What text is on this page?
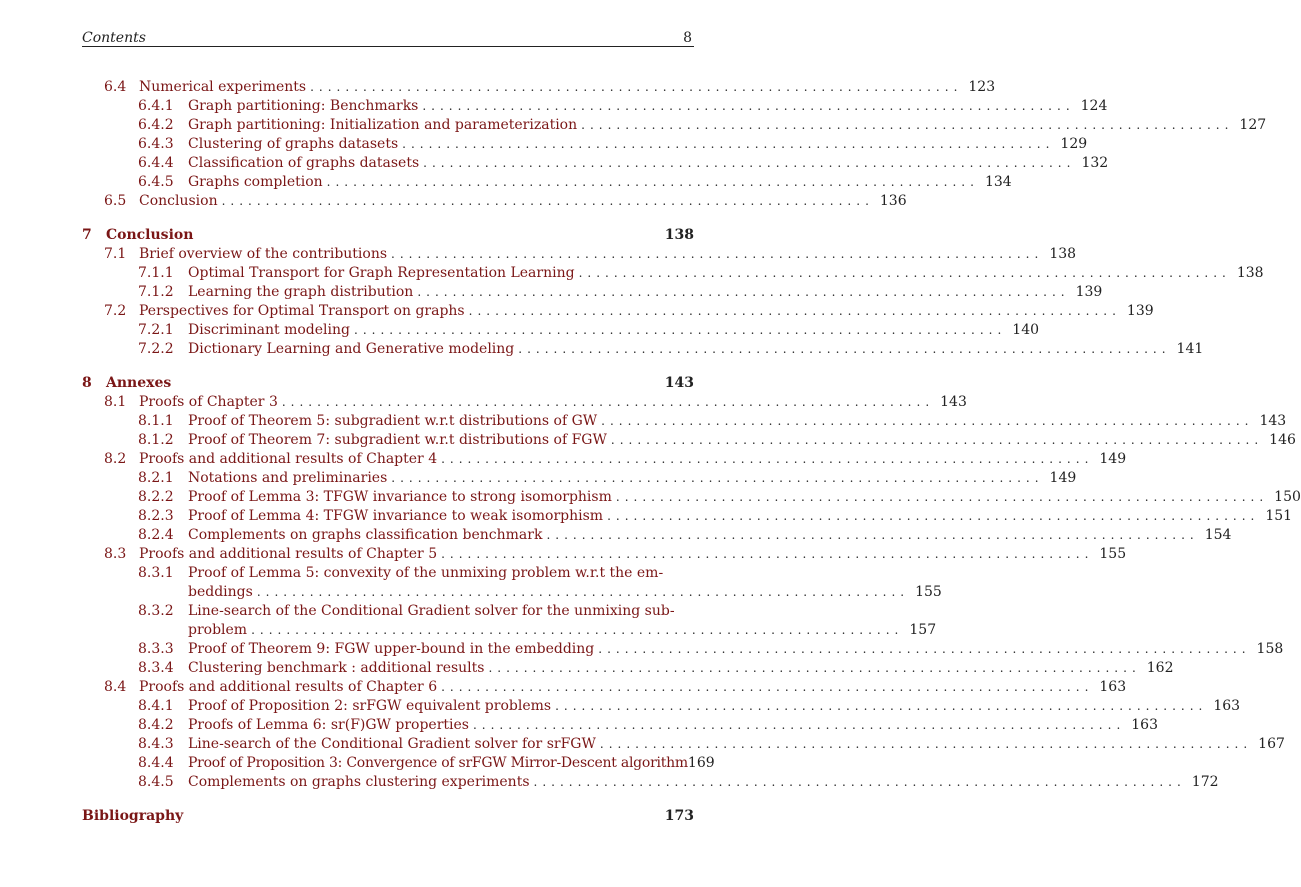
Contents	8
6.4 Numerical experiments .......................................................................... 123
6.4.1	Graph partitioning: Benchmarks .......................................................................... 124
6.4.2	Graph partitioning: Initialization and parameterization .......................................................................... 127
6.4.3	Clustering of graphs datasets .......................................................................... 129
6.4.4	Classification of graphs datasets .......................................................................... 132
6.4.5	Graphs completion .......................................................................... 134
6.5 Conclusion .......................................................................... 136
7	Conclusion	138
7.1 Brief overview of the contributions .......................................................................... 138
7.1.1	Optimal Transport for Graph Representation Learning .......................................................................... 138
7.1.2	Learning the graph distribution .......................................................................... 139
7.2 Perspectives for Optimal Transport on graphs .......................................................................... 139
7.2.1	Discriminant modeling .......................................................................... 140
7.2.2	Dictionary Learning and Generative modeling .......................................................................... 141
8	Annexes	143
8.1 Proofs of Chapter 3 .......................................................................... 143
8.1.1	Proof of Theorem 5: subgradient w.r.t distributions of GW .......................................................................... 143
8.1.2	Proof of Theorem 7: subgradient w.r.t distributions of FGW .......................................................................... 146
8.2 Proofs and additional results of Chapter 4 .......................................................................... 149
8.2.1	Notations and preliminaries .......................................................................... 149
8.2.2	Proof of Lemma 3: TFGW invariance to strong isomorphism .......................................................................... 150
8.2.3	Proof of Lemma 4: TFGW invariance to weak isomorphism .......................................................................... 151
8.2.4	Complements on graphs classification benchmark .......................................................................... 154
8.3 Proofs and additional results of Chapter 5 .......................................................................... 155
8.3.1	Proof of Lemma 5: convexity of the unmixing problem w.r.t the em-
beddings .......................................................................... 155
8.3.2	Line-search of the Conditional Gradient solver for the unmixing sub-
problem .......................................................................... 157
8.3.3	Proof of Theorem 9: FGW upper-bound in the embedding .......................................................................... 158
8.3.4	Clustering benchmark : additional results .......................................................................... 162
8.4 Proofs and additional results of Chapter 6 .......................................................................... 163
8.4.1	Proof of Proposition 2: srFGW equivalent problems .......................................................................... 163
8.4.2	Proofs of Lemma 6: sr(F)GW properties .......................................................................... 163
8.4.3	Line-search of the Conditional Gradient solver for srFGW .......................................................................... 167
8.4.4	Proof of Proposition 3: Convergence of srFGW Mirror-Descent algorithm 169
8.4.5	Complements on graphs clustering experiments .......................................................................... 172
Bibliography	173
